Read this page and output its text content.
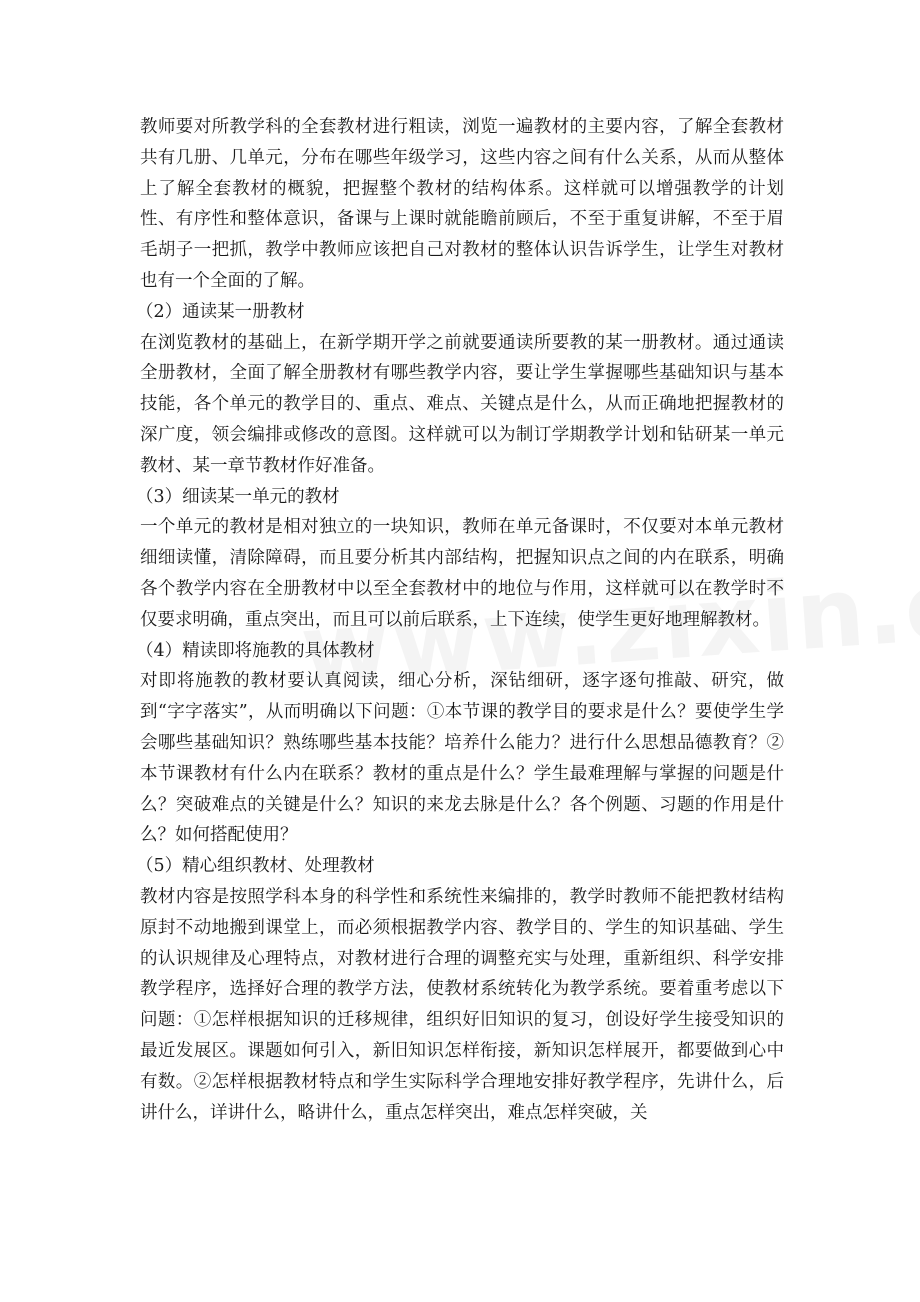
教师要对所教学科的全套教材进行粗读，浏览一遍教材的主要内容，了解全套教材共有几册、几单元，分布在哪些年级学习，这些内容之间有什么关系，从而从整体上了解全套教材的概貌，把握整个教材的结构体系。这样就可以增强教学的计划性、有序性和整体意识，备课与上课时就能瞻前顾后，不至于重复讲解，不至于眉毛胡子一把抓，教学中教师应该把自己对教材的整体认识告诉学生，让学生对教材也有一个全面的了解。

（2）通读某一册教材

在浏览教材的基础上，在新学期开学之前就要通读所要教的某一册教材。通过通读全册教材，全面了解全册教材有哪些教学内容，要让学生掌握哪些基础知识与基本技能，各个单元的教学目的、重点、难点、关键点是什么，从而正确地把握教材的深广度，领会编排或修改的意图。这样就可以为制订学期教学计划和钻研某一单元教材、某一章节教材作好准备。

（3）细读某一单元的教材

一个单元的教材是相对独立的一块知识，教师在单元备课时，不仅要对本单元教材细细读懂，清除障碍，而且要分析其内部结构，把握知识点之间的内在联系，明确各个教学内容在全册教材中以至全套教材中的地位与作用，这样就可以在教学时不仅要求明确，重点突出，而且可以前后联系，上下连续，使学生更好地理解教材。

（4）精读即将施教的具体教材

对即将施教的教材要认真阅读，细心分析，深钻细研，逐字逐句推敲、研究，做到“字字落实”，从而明确以下问题：①本节课的教学目的要求是什么？要使学生学会哪些基础知识？熟练哪些基本技能？培养什么能力？进行什么思想品德教育？②本节课教材有什么内在联系？教材的重点是什么？学生最难理解与掌握的问题是什么？突破难点的关键是什么？知识的来龙去脉是什么？各个例题、习题的作用是什么？如何搭配使用？

（5）精心组织教材、处理教材

教材内容是按照学科本身的科学性和系统性来编排的，教学时教师不能把教材结构原封不动地搬到课堂上，而必须根据教学内容、教学目的、学生的知识基础、学生的认识规律及心理特点，对教材进行合理的调整充实与处理，重新组织、科学安排教学程序，选择好合理的教学方法，使教材系统转化为教学系统。要着重考虑以下问题：①怎样根据知识的迁移规律，组织好旧知识的复习，创设好学生接受知识的最近发展区。课题如何引入，新旧知识怎样衔接，新知识怎样展开，都要做到心中有数。②怎样根据教材特点和学生实际科学合理地安排好教学程序，先讲什么，后讲什么，详讲什么，略讲什么，重点怎样突出，难点怎样突破，关
